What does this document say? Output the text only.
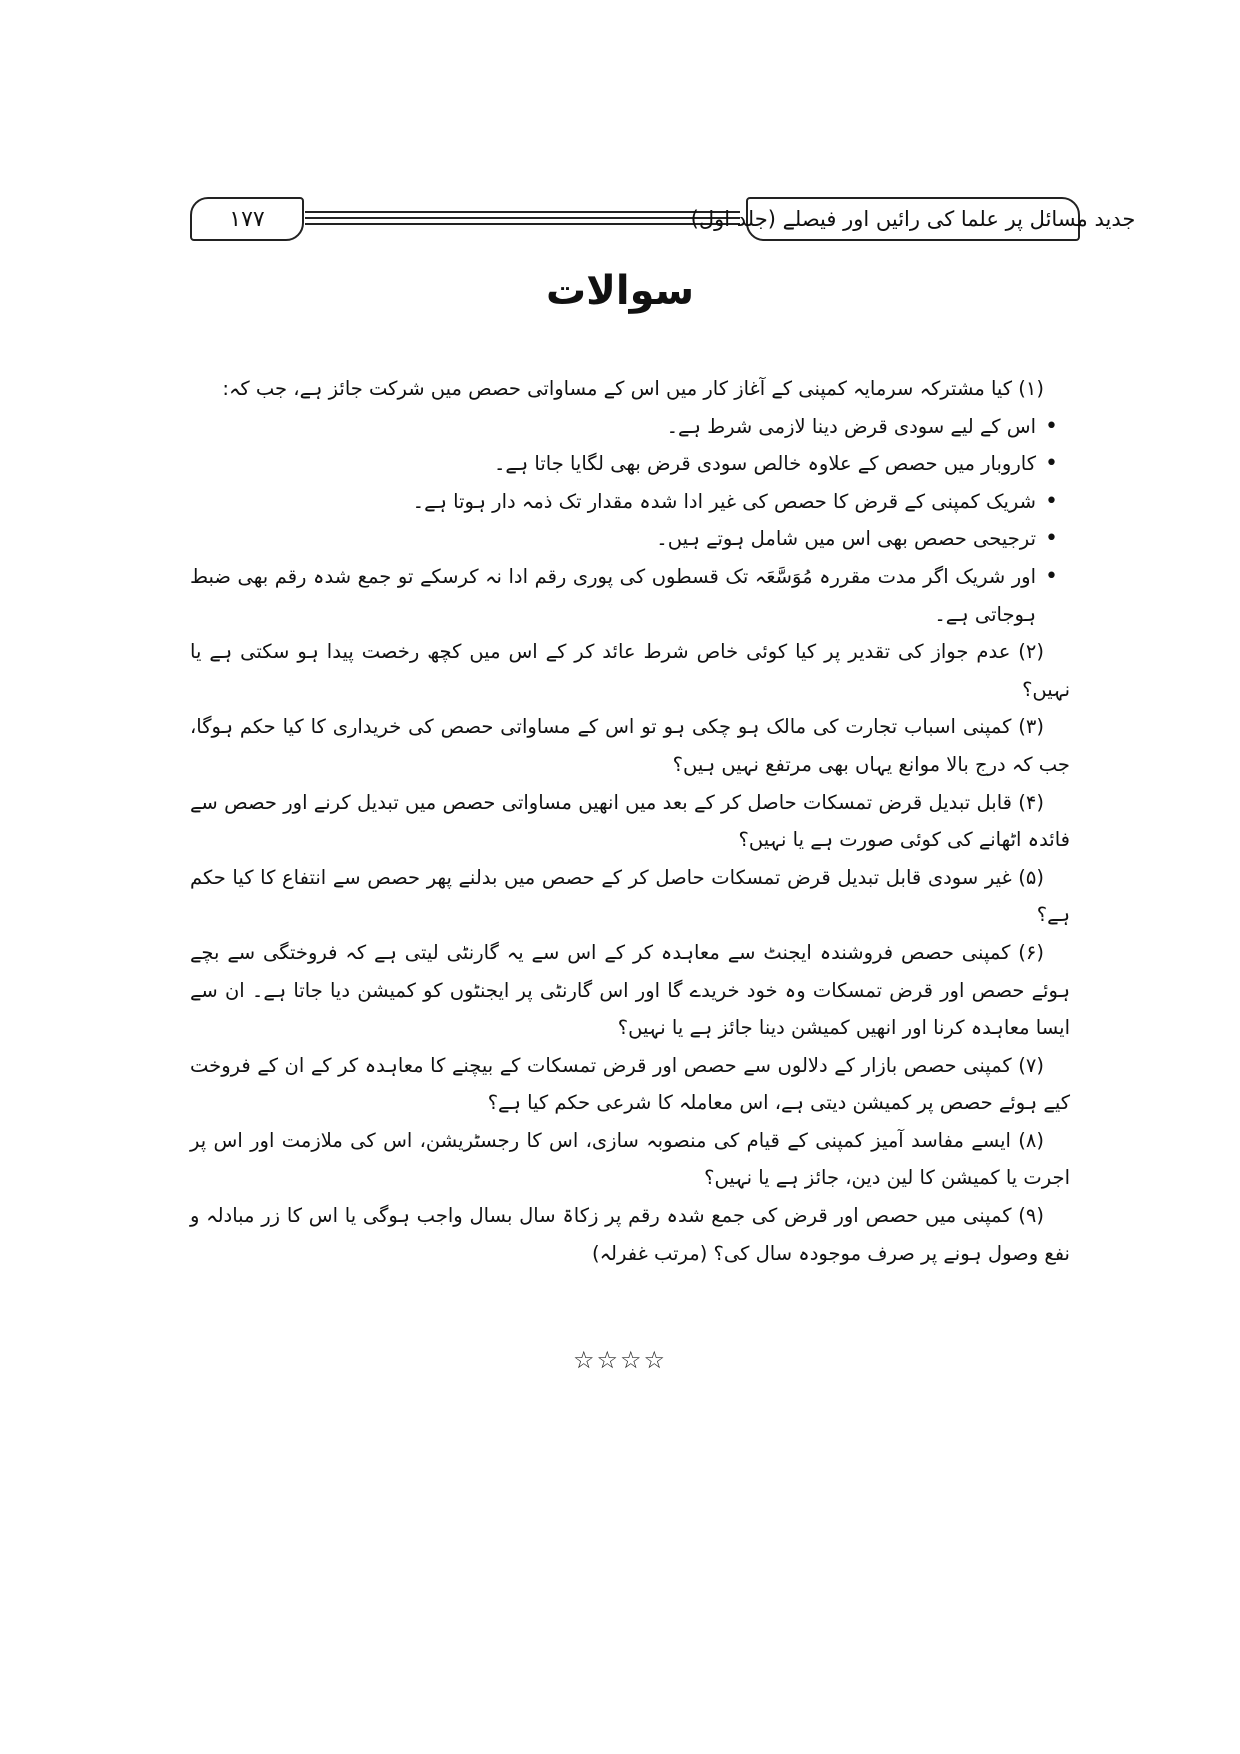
۱۷۷	جدید مسائل پر علما کی رائیں اور فیصلے (جلد اول)
سوالات

(۱) کیا مشترکہ سرمایہ کمپنی کے آغاز کار میں اس کے مساواتی حصص میں شرکت جائز ہے، جب کہ:

• اس کے لیے سودی قرض دینا لازمی شرط ہے۔
• کاروبار میں حصص کے علاوہ خالص سودی قرض بھی لگایا جاتا ہے۔
• شریک کمپنی کے قرض کا حصص کی غیر ادا شدہ مقدار تک ذمہ دار ہوتا ہے۔
• ترجیحی حصص بھی اس میں شامل ہوتے ہیں۔
• اور شریک اگر مدت مقررہ مُوَسَّعَہ تک قسطوں کی پوری رقم ادا نہ کرسکے تو جمع شدہ رقم بھی ضبط ہوجاتی ہے۔

(۲) عدم جواز کی تقدیر پر کیا کوئی خاص شرط عائد کر کے اس میں کچھ رخصت پیدا ہو سکتی ہے یا نہیں؟

(۳) کمپنی اسباب تجارت کی مالک ہو چکی ہو تو اس کے مساواتی حصص کی خریداری کا کیا حکم ہوگا، جب کہ درج بالا موانع یہاں بھی مرتفع نہیں ہیں؟

(۴) قابل تبدیل قرض تمسکات حاصل کر کے بعد میں انھیں مساواتی حصص میں تبدیل کرنے اور حصص سے فائدہ اٹھانے کی کوئی صورت ہے یا نہیں؟

(۵) غیر سودی قابل تبدیل قرض تمسکات حاصل کر کے حصص میں بدلنے پھر حصص سے انتفاع کا کیا حکم ہے؟

(۶) کمپنی حصص فروشندہ ایجنٹ سے معاہدہ کر کے اس سے یہ گارنٹی لیتی ہے کہ فروختگی سے بچے ہوئے حصص اور قرض تمسکات وہ خود خریدے گا اور اس گارنٹی پر ایجنٹوں کو کمیشن دیا جاتا ہے۔ ان سے ایسا معاہدہ کرنا اور انھیں کمیشن دینا جائز ہے یا نہیں؟

(۷) کمپنی حصص بازار کے دلالوں سے حصص اور قرض تمسکات کے بیچنے کا معاہدہ کر کے ان کے فروخت کیے ہوئے حصص پر کمیشن دیتی ہے، اس معاملہ کا شرعی حکم کیا ہے؟

(۸) ایسے مفاسد آمیز کمپنی کے قیام کی منصوبہ سازی، اس کا رجسٹریشن، اس کی ملازمت اور اس پر اجرت یا کمیشن کا لین دین، جائز ہے یا نہیں؟

(۹) کمپنی میں حصص اور قرض کی جمع شدہ رقم پر زکاۃ سال بسال واجب ہوگی یا اس کا زر مبادلہ و نفع وصول ہونے پر صرف موجودہ سال کی؟ (مرتب غفرلہ)

☆☆☆☆
